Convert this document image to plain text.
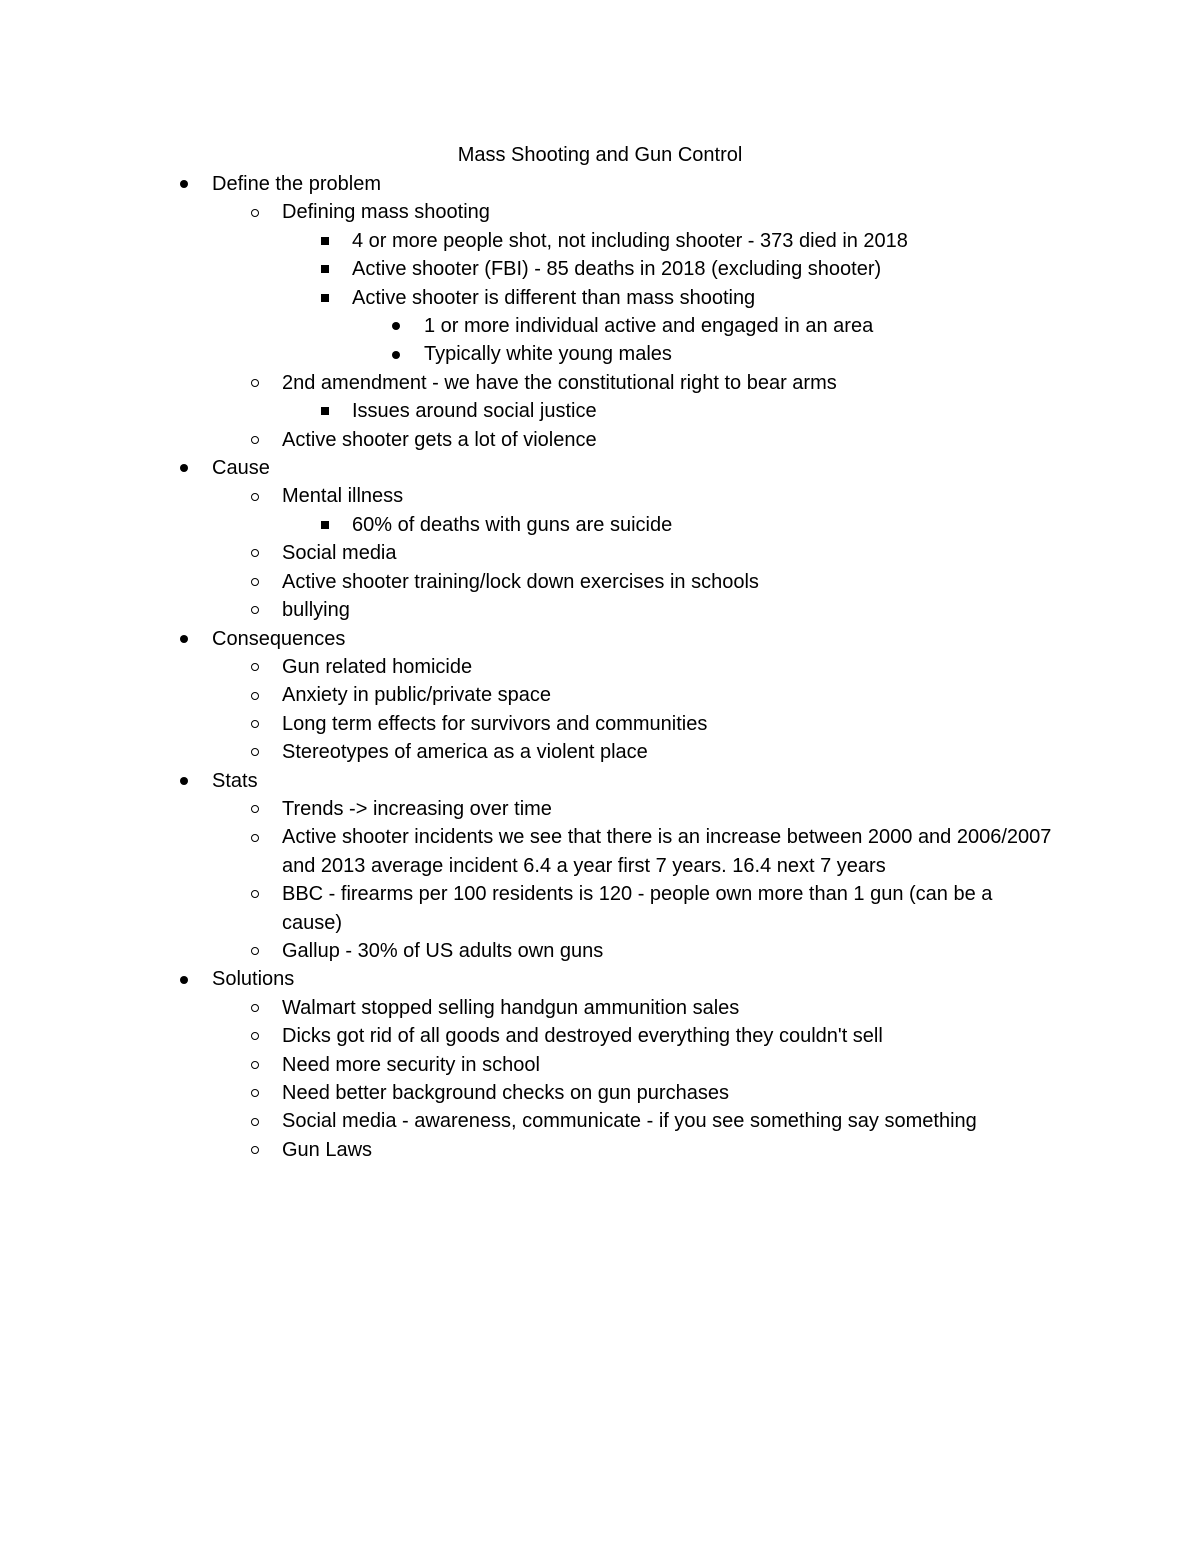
Mass Shooting and Gun Control
Define the problem
Defining mass shooting
4 or more people shot, not including shooter - 373 died in 2018
Active shooter (FBI) - 85 deaths in 2018 (excluding shooter)
Active shooter is different than mass shooting
1 or more individual active and engaged in an area
Typically white young males
2nd amendment - we have the constitutional right to bear arms
Issues around social justice
Active shooter gets a lot of violence
Cause
Mental illness
60% of deaths with guns are suicide
Social media
Active shooter training/lock down exercises in schools
bullying
Consequences
Gun related homicide
Anxiety in public/private space
Long term effects for survivors and communities
Stereotypes of america as a violent place
Stats
Trends -> increasing over time
Active shooter incidents we see that there is an increase between 2000 and 2006/2007 and 2013 average incident 6.4 a year first 7 years. 16.4 next 7 years
BBC - firearms per 100 residents is 120 - people own more than 1 gun (can be a cause)
Gallup - 30% of US adults own guns
Solutions
Walmart stopped selling handgun ammunition sales
Dicks got rid of all goods and destroyed everything they couldn't sell
Need more security in school
Need better background checks on gun purchases
Social media - awareness, communicate - if you see something say something
Gun Laws
